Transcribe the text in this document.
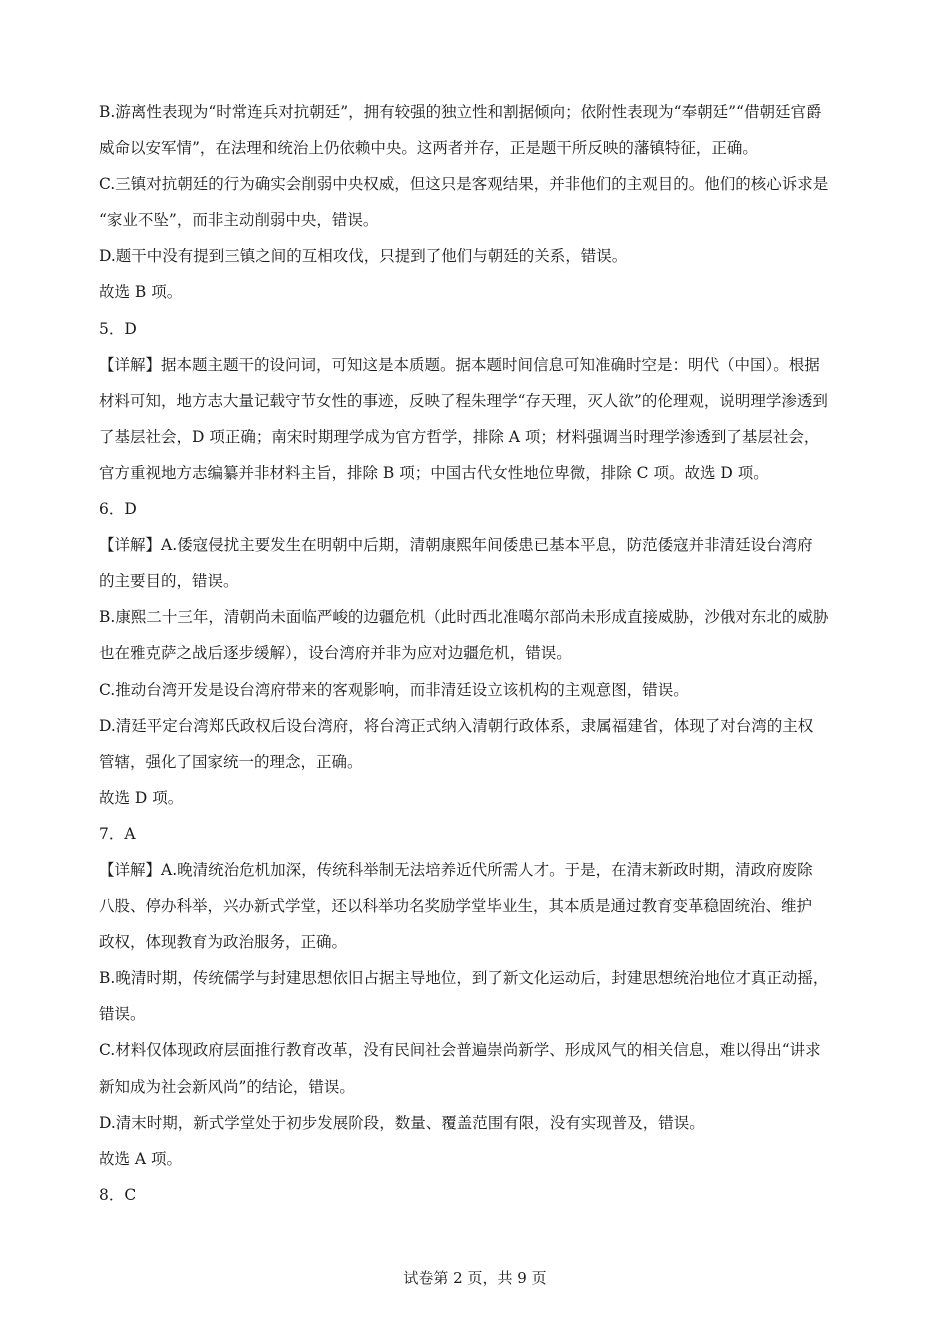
B.游离性表现为“时常连兵对抗朝廷”，拥有较强的独立性和割据倾向；依附性表现为“奉朝廷”“借朝廷官爵
威命以安军情”，在法理和统治上仍依赖中央。这两者并存，正是题干所反映的藩镇特征，正确。
C.三镇对抗朝廷的行为确实会削弱中央权威，但这只是客观结果，并非他们的主观目的。他们的核心诉求是
“家业不坠”，而非主动削弱中央，错误。
D.题干中没有提到三镇之间的互相攻伐，只提到了他们与朝廷的关系，错误。
故选 B 项。
5．D
【详解】据本题主题干的设问词，可知这是本质题。据本题时间信息可知准确时空是：明代（中国）。根据
材料可知，地方志大量记载守节女性的事迹，反映了程朱理学“存天理，灭人欲”的伦理观，说明理学渗透到
了基层社会，D 项正确；南宋时期理学成为官方哲学，排除 A 项；材料强调当时理学渗透到了基层社会，
官方重视地方志编纂并非材料主旨，排除 B 项；中国古代女性地位卑微，排除 C 项。故选 D 项。
6．D
【详解】A.倭寇侵扰主要发生在明朝中后期，清朝康熙年间倭患已基本平息，防范倭寇并非清廷设台湾府
的主要目的，错误。
B.康熙二十三年，清朝尚未面临严峻的边疆危机（此时西北准噶尔部尚未形成直接威胁，沙俄对东北的威胁
也在雅克萨之战后逐步缓解），设台湾府并非为应对边疆危机，错误。
C.推动台湾开发是设台湾府带来的客观影响，而非清廷设立该机构的主观意图，错误。
D.清廷平定台湾郑氏政权后设台湾府，将台湾正式纳入清朝行政体系，隶属福建省，体现了对台湾的主权
管辖，强化了国家统一的理念，正确。
故选 D 项。
7．A
【详解】A.晚清统治危机加深，传统科举制无法培养近代所需人才。于是，在清末新政时期，清政府废除
八股、停办科举，兴办新式学堂，还以科举功名奖励学堂毕业生，其本质是通过教育变革稳固统治、维护
政权，体现教育为政治服务，正确。
B.晚清时期，传统儒学与封建思想依旧占据主导地位，到了新文化运动后，封建思想统治地位才真正动摇，
错误。
C.材料仅体现政府层面推行教育改革，没有民间社会普遍崇尚新学、形成风气的相关信息，难以得出“讲求
新知成为社会新风尚”的结论，错误。
D.清末时期，新式学堂处于初步发展阶段，数量、覆盖范围有限，没有实现普及，错误。
故选 A 项。
8．C
试卷第 2 页，共 9 页
